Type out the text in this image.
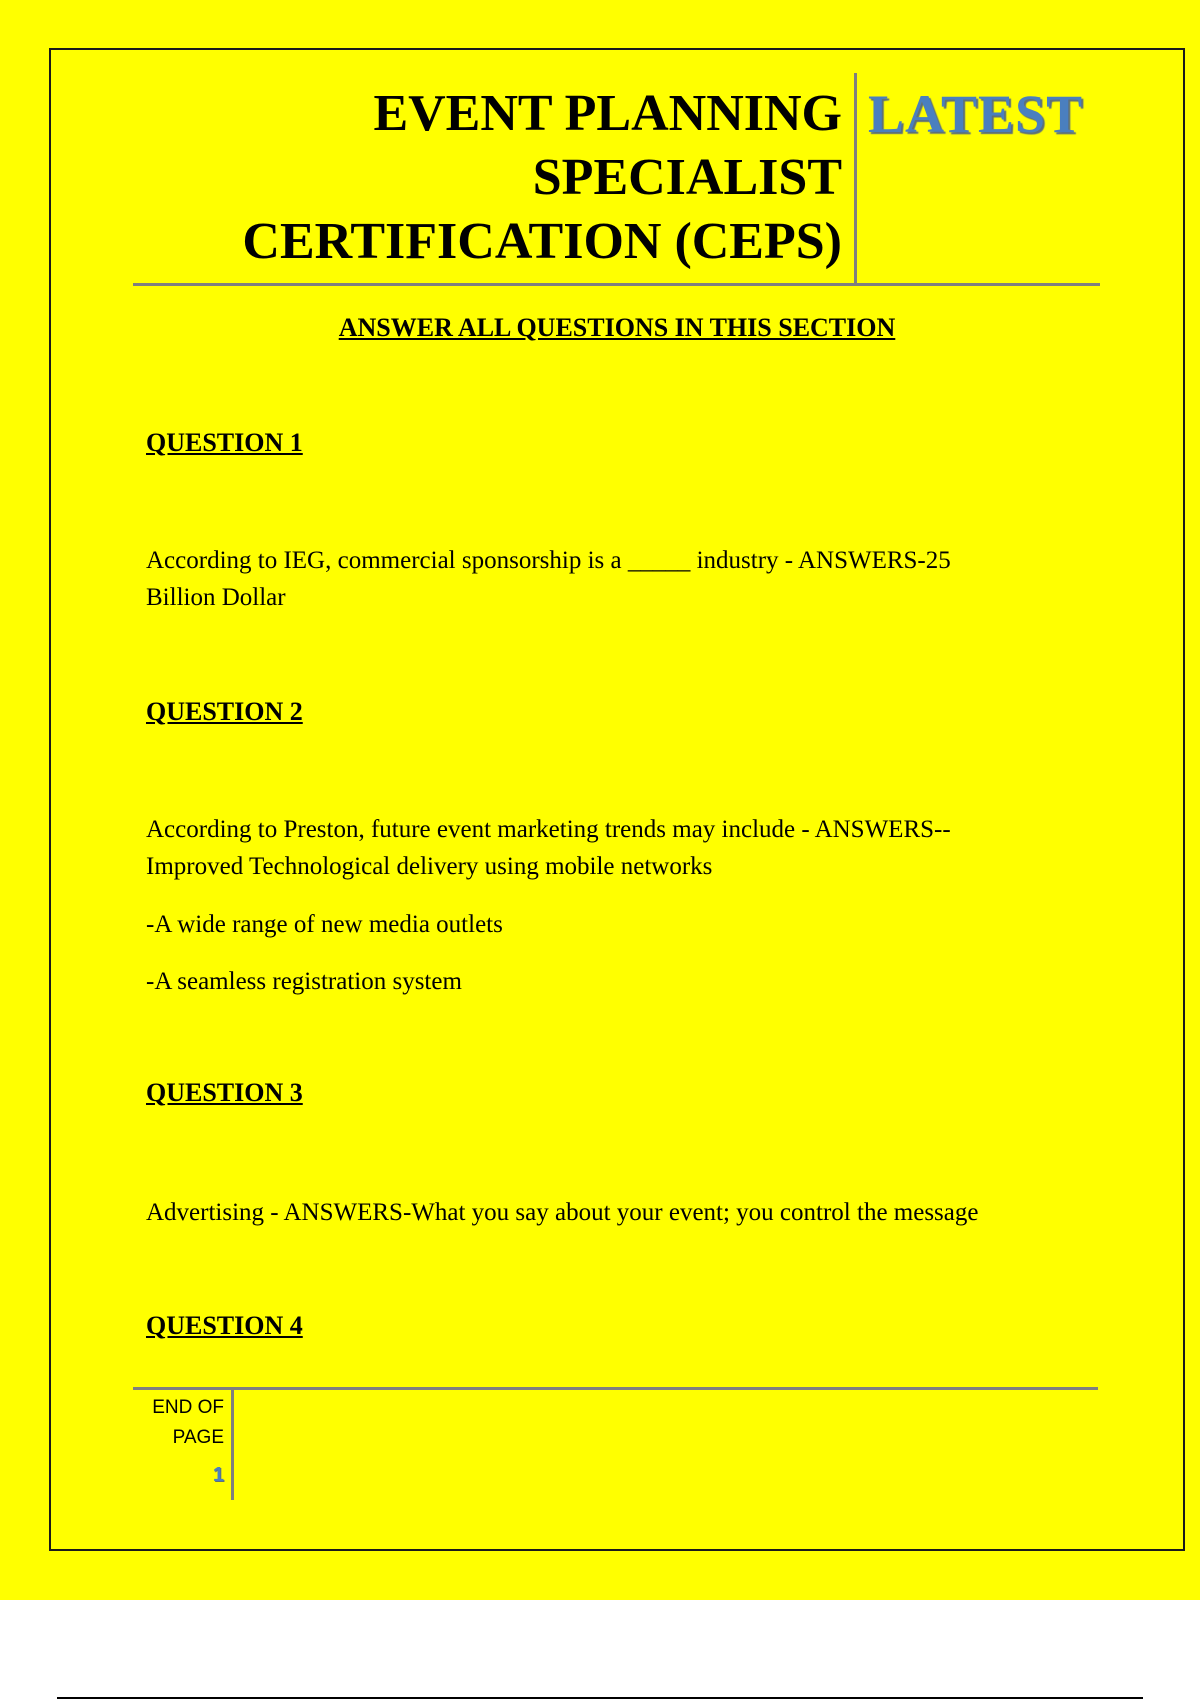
EVENT PLANNING
SPECIALIST
CERTIFICATION (CEPS)
LATEST
ANSWER ALL QUESTIONS IN THIS SECTION
QUESTION 1
According to IEG, commercial sponsorship is a _____ industry - ANSWERS-25
Billion Dollar
QUESTION 2
According to Preston, future event marketing trends may include - ANSWERS--
Improved Technological delivery using mobile networks
-A wide range of new media outlets
-A seamless registration system
QUESTION 3
Advertising - ANSWERS-What you say about your event; you control the message
QUESTION 4
END OF
PAGE
1
